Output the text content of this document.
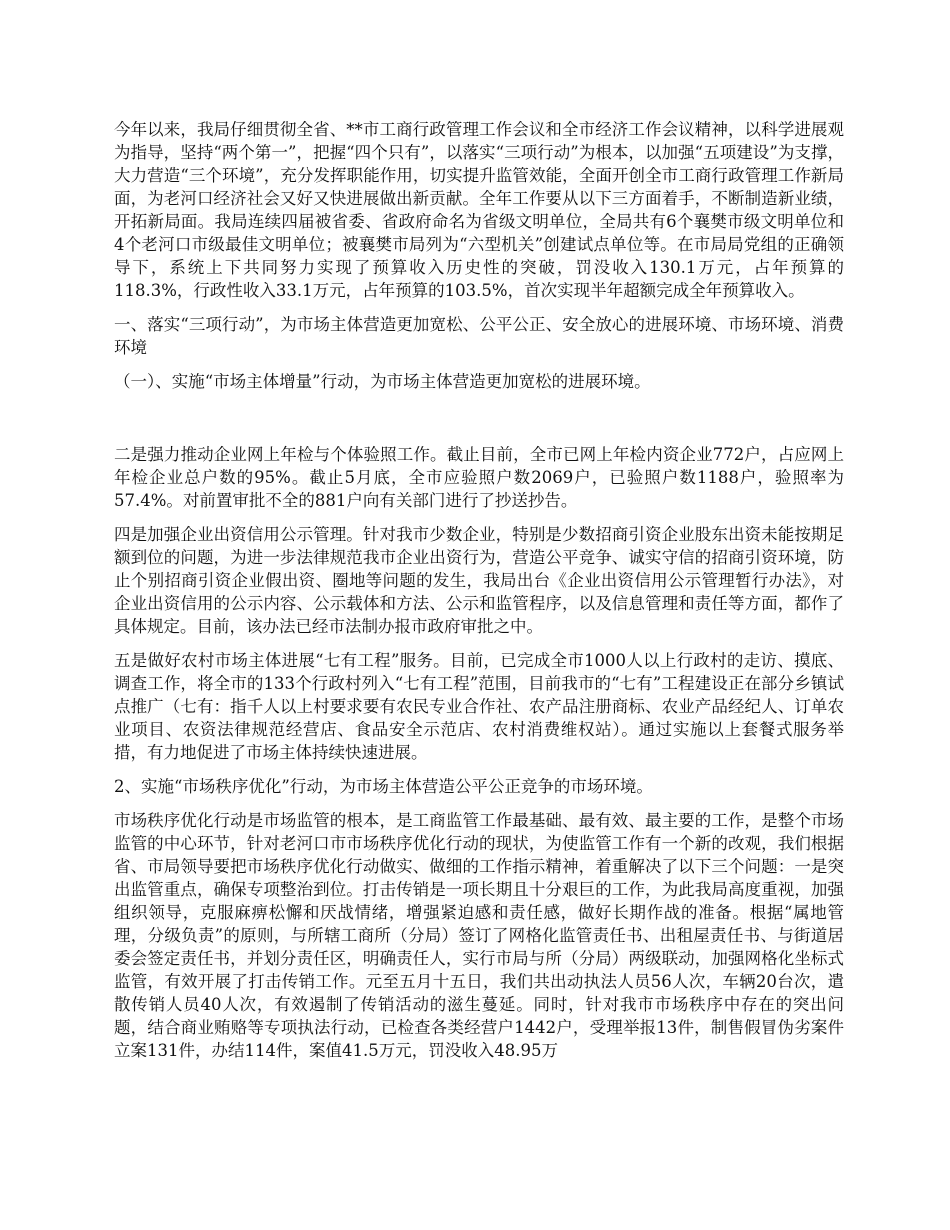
今年以来，我局仔细贯彻全省、**市工商行政管理工作会议和全市经济工作会议精神，以科学进展观为指导，坚持“两个第一”，把握“四个只有”，以落实“三项行动”为根本，以加强“五项建设”为支撑，大力营造“三个环境”，充分发挥职能作用，切实提升监管效能，全面开创全市工商行政管理工作新局面，为老河口经济社会又好又快进展做出新贡献。全年工作要从以下三方面着手，不断制造新业绩，开拓新局面。我局连续四届被省委、省政府命名为省级文明单位，全局共有6个襄樊市级文明单位和4个老河口市级最佳文明单位；被襄樊市局列为“六型机关”创建试点单位等。在市局局党组的正确领导下，系统上下共同努力实现了预算收入历史性的突破，罚没收入130.1万元，占年预算的118.3%，行政性收入33.1万元，占年预算的103.5%，首次实现半年超额完成全年预算收入。

一、落实“三项行动”，为市场主体营造更加宽松、公平公正、安全放心的进展环境、市场环境、消费环境

（一）、实施“市场主体增量”行动，为市场主体营造更加宽松的进展环境。

二是强力推动企业网上年检与个体验照工作。截止目前，全市已网上年检内资企业772户，占应网上年检企业总户数的95%。截止5月底，全市应验照户数2069户，已验照户数1188户，验照率为57.4%。对前置审批不全的881户向有关部门进行了抄送抄告。

四是加强企业出资信用公示管理。针对我市少数企业，特别是少数招商引资企业股东出资未能按期足额到位的问题，为进一步法律规范我市企业出资行为，营造公平竞争、诚实守信的招商引资环境，防止个别招商引资企业假出资、圈地等问题的发生，我局出台《企业出资信用公示管理暂行办法》，对企业出资信用的公示内容、公示载体和方法、公示和监管程序，以及信息管理和责任等方面，都作了具体规定。目前，该办法已经市法制办报市政府审批之中。

五是做好农村市场主体进展“七有工程”服务。目前，已完成全市1000人以上行政村的走访、摸底、调查工作，将全市的133个行政村列入“七有工程”范围，目前我市的“七有”工程建设正在部分乡镇试点推广（七有：指千人以上村要求要有农民专业合作社、农产品注册商标、农业产品经纪人、订单农业项目、农资法律规范经营店、食品安全示范店、农村消费维权站）。通过实施以上套餐式服务举措，有力地促进了市场主体持续快速进展。

2、实施“市场秩序优化”行动，为市场主体营造公平公正竞争的市场环境。

市场秩序优化行动是市场监管的根本，是工商监管工作最基础、最有效、最主要的工作，是整个市场监管的中心环节，针对老河口市市场秩序优化行动的现状，为使监管工作有一个新的改观，我们根据省、市局领导要把市场秩序优化行动做实、做细的工作指示精神，着重解决了以下三个问题：一是突出监管重点，确保专项整治到位。打击传销是一项长期且十分艰巨的工作，为此我局高度重视，加强组织领导，克服麻痹松懈和厌战情绪，增强紧迫感和责任感，做好长期作战的准备。根据“属地管理，分级负责”的原则，与所辖工商所（分局）签订了网格化监管责任书、出租屋责任书、与街道居委会签定责任书，并划分责任区，明确责任人，实行市局与所（分局）两级联动，加强网格化坐标式监管，有效开展了打击传销工作。元至五月十五日，我们共出动执法人员56人次，车辆20台次，遣散传销人员40人次，有效遏制了传销活动的滋生蔓延。同时，针对我市市场秩序中存在的突出问题，结合商业贿赂等专项执法行动，已检查各类经营户1442户，受理举报13件，制售假冒伪劣案件立案131件，办结114件，案值41.5万元，罚没收入48.95万
